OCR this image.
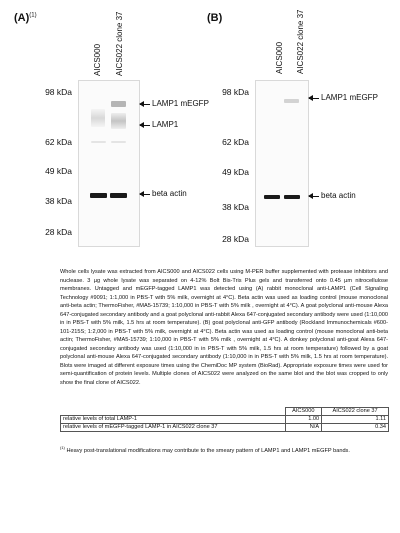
$(A)^{(1)}$
AICS000 AICS022 clone 37
98 kDa
62 kDa
49 kDa
38 kDa
28 kDa
LAMP1 mEGFP
LAMP1
beta actin
(B)
AICS000 AICS022 clone 37
98 kDa
62 kDa
49 kDa
38 kDa
28 kDa
LAMP1 mEGFP
beta actin
Whole cells lysate was extracted from AICS000 and AICS022 cells using M-PER buffer supplemented with protease inhibitors and nuclease. 3 µg whole lysate was separated on 4-12% Bolt Bis-Tris Plus gels and transferred onto 0.45 µm nitrocellulose membranes. Untagged and mEGFP-tagged LAMP1 was detected using (A) rabbit monoclonal anti-LAMP1 (Cell Signaling Technology #9091; 1:1,000 in PBS-T with 5% milk, overnight at 4°C). Beta actin was used as loading control (mouse monoclonal anti-beta actin; ThermoFisher, #MA5-15739; 1:10,000 in PBS-T with 5% milk , overnight at 4°C). A goat polyclonal anti-mouse Alexa 647-conjugated secondary antibody and a goat polyclonal anti-rabbit Alexa 647-conjugated secondary antibody were used (1:10,000 in in PBS-T with 5% milk, 1.5 hrs at room temperature). (B) goat polyclonal anti-GFP antibody (Rockland Immunochemicals #600-101-215S; 1:2,000 in PBS-T with 5% milk, overnight at 4°C). Beta actin was used as loading control (mouse monoclonal anti-beta actin; ThermoFisher, #MA5-15739; 1:10,000 in PBS-T with 5% milk , overnight at 4°C). A donkey polyclonal anti-goat Alexa 647-conjugated secondary antibody was used (1:10,000 in in PBS-T with 5% milk, 1.5 hrs at room temperature) followed by a goat polyclonal anti-mouse Alexa 647-conjugated secondary antibody (1:10,000 in in PBS-T with 5% milk, 1.5 hrs at room temperature). Blots were imaged at different exposure times using the ChemiDoc MP system (BioRad). Appropriate exposure times were used for semi-quantification of protein levels. Multiple clones of AICS022 were analyzed on the same blot and the blot was cropped to only show the final clone of AICS022.
	AICS000	AICS022 clone 37
relative levels of total LAMP-1	1.00	1.11
relative levels of mEGFP-tagged LAMP-1 in AICS022 clone 37	N/A	0.34
$^{(1)}$ Heavy post-translational modifications may contribute to the smeary pattern of LAMP1 and LAMP1 mEGFP bands.
